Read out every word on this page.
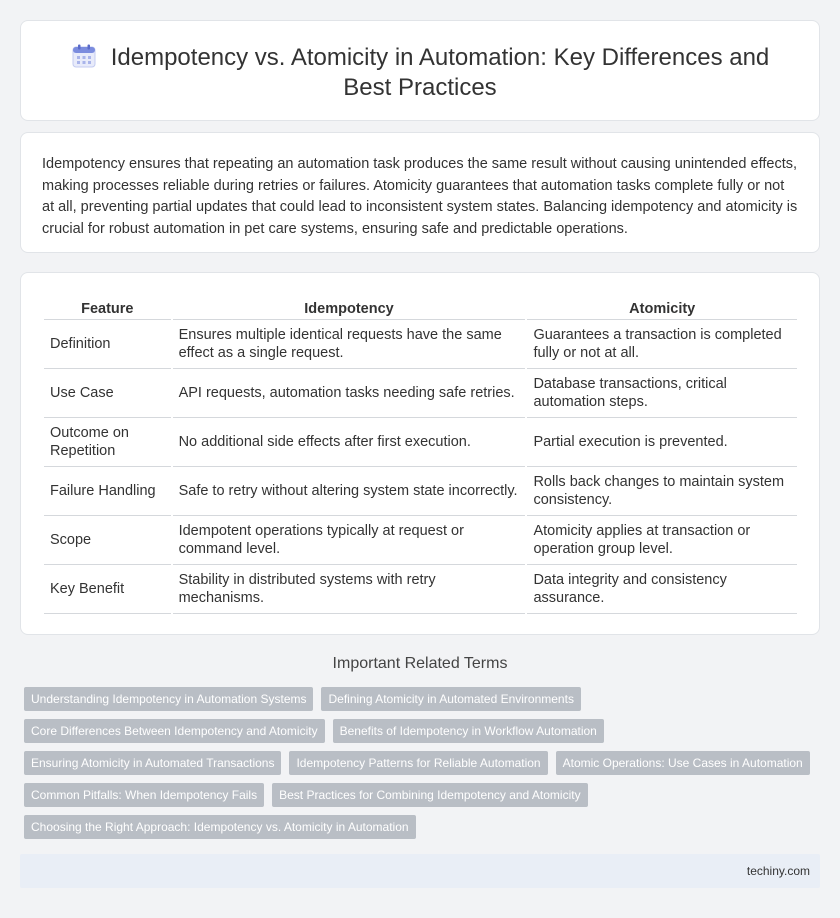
Idempotency vs. Atomicity in Automation: Key Differences and Best Practices

Idempotency ensures that repeating an automation task produces the same result without causing unintended effects, making processes reliable during retries or failures. Atomicity guarantees that automation tasks complete fully or not at all, preventing partial updates that could lead to inconsistent system states. Balancing idempotency and atomicity is crucial for robust automation in pet care systems, ensuring safe and predictable operations.

Feature	Idempotency	Atomicity
Definition	Ensures multiple identical requests have the same effect as a single request.	Guarantees a transaction is completed fully or not at all.
Use Case	API requests, automation tasks needing safe retries.	Database transactions, critical automation steps.
Outcome on Repetition	No additional side effects after first execution.	Partial execution is prevented.
Failure Handling	Safe to retry without altering system state incorrectly.	Rolls back changes to maintain system consistency.
Scope	Idempotent operations typically at request or command level.	Atomicity applies at transaction or operation group level.
Key Benefit	Stability in distributed systems with retry mechanisms.	Data integrity and consistency assurance.
Important Related Terms
Understanding Idempotency in Automation Systems	Defining Atomicity in Automated Environments
Core Differences Between Idempotency and Atomicity	Benefits of Idempotency in Workflow Automation
Ensuring Atomicity in Automated Transactions	Idempotency Patterns for Reliable Automation	Atomic Operations: Use Cases in Automation
Common Pitfalls: When Idempotency Fails	Best Practices for Combining Idempotency and Atomicity
Choosing the Right Approach: Idempotency vs. Atomicity in Automation
techiny.com
